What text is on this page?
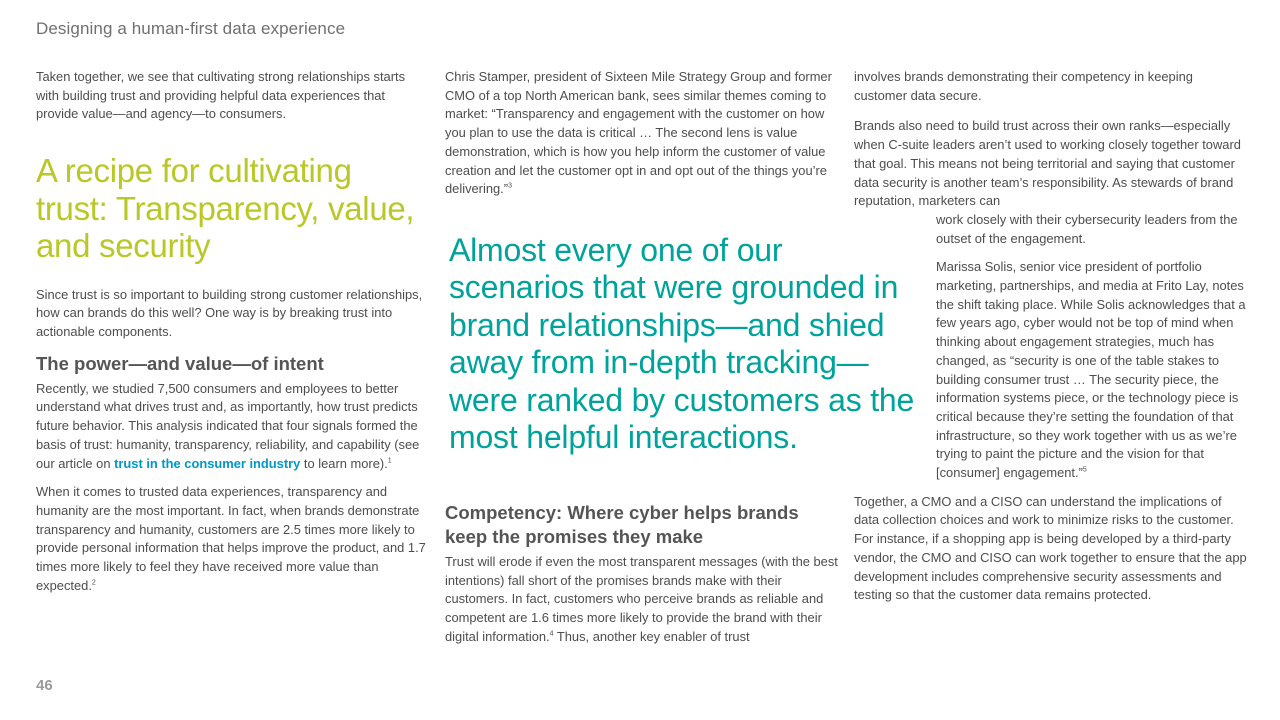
Designing a human-first data experience

Taken together, we see that cultivating strong relationships starts with building trust and providing helpful data experiences that provide value—and agency—to consumers.

A recipe for cultivating trust: Transparency, value, and security

Since trust is so important to building strong customer relationships, how can brands do this well? One way is by breaking trust into actionable components.

The power—and value—of intent

Recently, we studied 7,500 consumers and employees to better understand what drives trust and, as importantly, how trust predicts future behavior. This analysis indicated that four signals formed the basis of trust: humanity, transparency, reliability, and capability (see our article on trust in the consumer industry to learn more).$^1$

When it comes to trusted data experiences, transparency and humanity are the most important. In fact, when brands demonstrate transparency and humanity, customers are 2.5 times more likely to provide personal information that helps improve the product, and 1.7 times more likely to feel they have received more value than expected.$^2$

Chris Stamper, president of Sixteen Mile Strategy Group and former CMO of a top North American bank, sees similar themes coming to market: “Transparency and engagement with the customer on how you plan to use the data is critical … The second lens is value demonstration, which is how you help inform the customer of value creation and let the customer opt in and opt out of the things you’re delivering.”$^3$

Almost every one of our scenarios that were grounded in brand relationships—and shied away from in-depth tracking—were ranked by customers as the most helpful interactions.
Competency: Where cyber helps brands keep the promises they make

Trust will erode if even the most transparent messages (with the best intentions) fall short of the promises brands make with their customers. In fact, customers who perceive brands as reliable and competent are 1.6 times more likely to provide the brand with their digital information.$^4$ Thus, another key enabler of trust

involves brands demonstrating their competency in keeping customer data secure.

Brands also need to build trust across their own ranks—especially when C-suite leaders aren’t used to working closely together toward that goal. This means not being territorial and saying that customer data security is another team’s responsibility. As stewards of brand reputation, marketers can

work closely with their cybersecurity leaders from the outset of the engagement.

Marissa Solis, senior vice president of portfolio marketing, partnerships, and media at Frito Lay, notes the shift taking place. While Solis acknowledges that a few years ago, cyber would not be top of mind when thinking about engagement strategies, much has changed, as “security is one of the table stakes to building consumer trust … The security piece, the information systems piece, or the technology piece is critical because they’re setting the foundation of that infrastructure, so they work together with us as we’re trying to paint the picture and the vision for that [consumer] engagement.”$^5$

Together, a CMO and a CISO can understand the implications of data collection choices and work to minimize risks to the customer. For instance, if a shopping app is being developed by a third-party vendor, the CMO and CISO can work together to ensure that the app development includes comprehensive security assessments and testing so that the customer data remains protected.

46
